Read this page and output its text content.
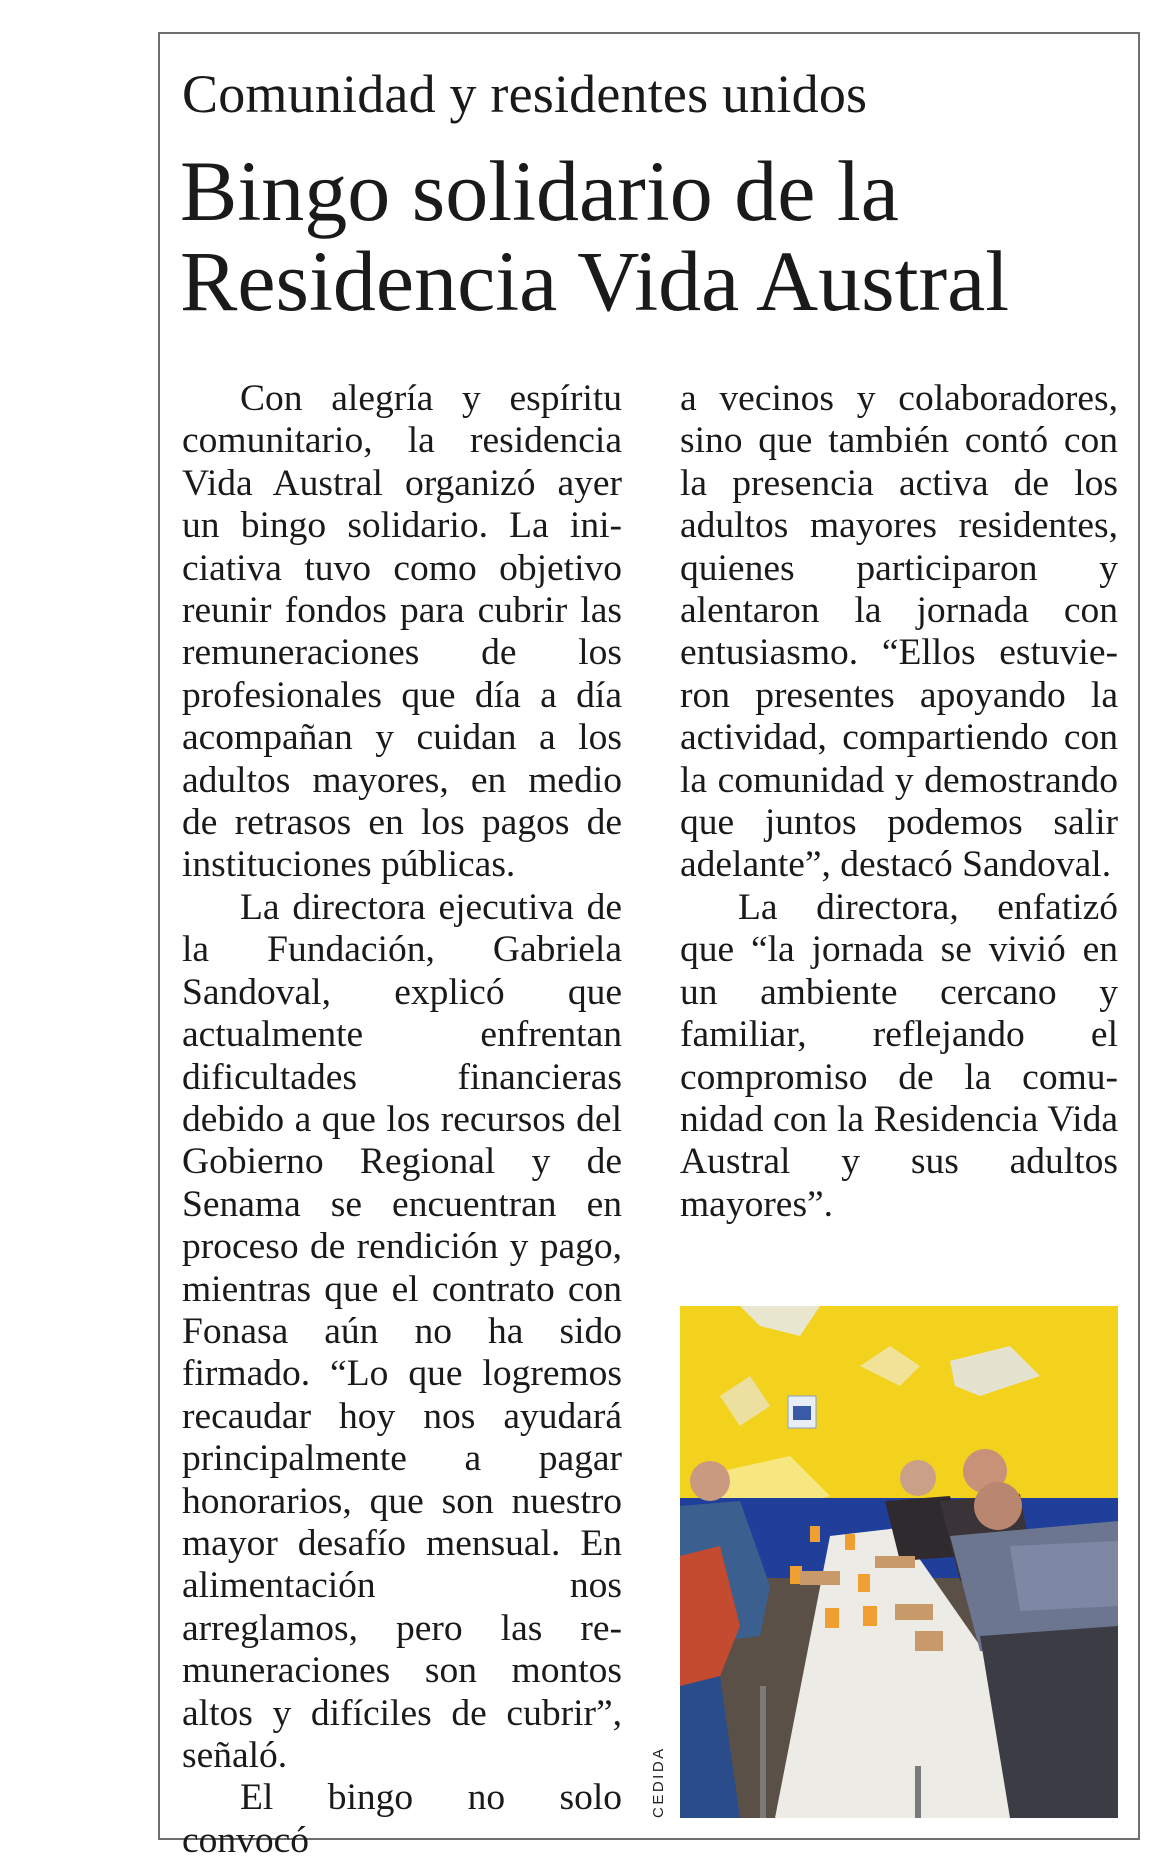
Comunidad y residentes unidos
Bingo solidario de la
Residencia Vida Austral

Con alegría y espíritu comunitario, la residencia Vida Austral organizó ayer un bingo solidario. La iniciativa tuvo como objetivo reunir fondos para cubrir las remuneraciones de los profesionales que día a día acompañan y cuidan a los adultos mayores, en medio de retrasos en los pagos de instituciones públicas.

La directora ejecutiva de la Fundación, Gabriela Sandoval, explicó que actualmente enfrentan dificultades financieras debido a que los recursos del Gobierno Regional y de Senama se encuentran en proceso de rendición y pago, mientras que el contrato con Fonasa aún no ha sido firmado. “Lo que logremos recaudar hoy nos ayudará principalmente a pagar honorarios, que son nuestro mayor desafío mensual. En alimentación nos arreglamos, pero las remuneraciones son montos altos y difíciles de cubrir”, señaló.

El bingo no solo convocó

a vecinos y colaboradores, sino que también contó con la presencia activa de los adultos mayores residentes, quienes participaron y alentaron la jornada con entusiasmo. “Ellos estuvieron presentes apoyando la actividad, compartiendo con la comunidad y demostrando que juntos podemos salir adelante”, destacó Sandoval.

La directora, enfatizó que “la jornada se vivió en un ambiente cercano y familiar, reflejando el compromiso de la comunidad con la Residencia Vida Austral y sus adultos mayores”.

CEDIDA
